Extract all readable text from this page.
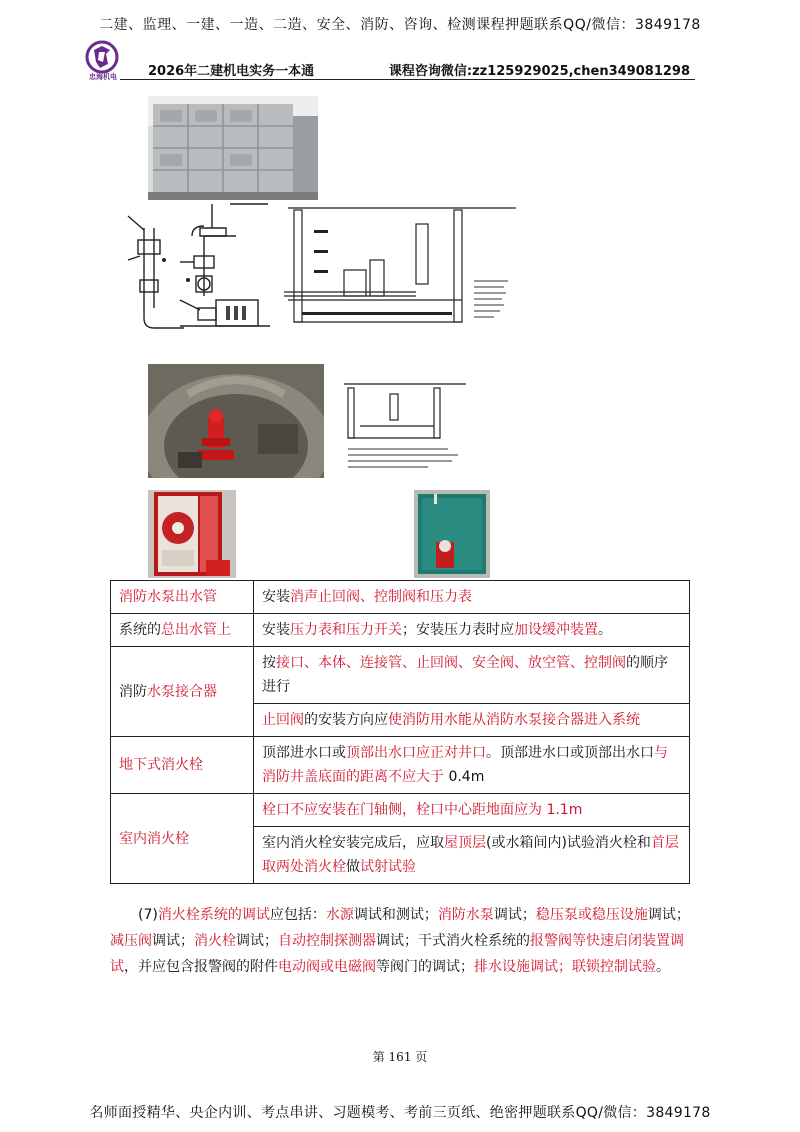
二建、监理、一建、一造、二造、安全、消防、咨询、检测课程押题联系QQ/微信：3849178
忠海机电	2026年二建机电实务一本通	课程咨询微信:zz125929025,chen349081298
消防水泵出水管	安装消声止回阀、控制阀和压力表
系统的总出水管上	安装压力表和压力开关；安装压力表时应加设缓冲装置。
消防水泵接合器	按接口、本体、连接管、止回阀、安全阀、放空管、控制阀的顺序进行
	止回阀的安装方向应使消防用水能从消防水泵接合器进入系统
地下式消火栓	顶部进水口或顶部出水口应正对井口。顶部进水口或顶部出水口与消防井盖底面的距离不应大于 0.4m
室内消火栓	栓口不应安装在门轴侧，栓口中心距地面应为 1.1m
	室内消火栓安装完成后，应取屋顶层(或水箱间内)试验消火栓和首层取两处消火栓做试射试验
(7)消火栓系统的调试应包括：水源调试和测试；消防水泵调试；稳压泵或稳压设施调试；减压阀调试；消火栓调试；自动控制探测器调试；干式消火栓系统的报警阀等快速启闭装置调试，并应包含报警阀的附件电动阀或电磁阀等阀门的调试；排水设施调试；联锁控制试验。
第 161 页
名师面授精华、央企内训、考点串讲、习题模考、考前三页纸、绝密押题联系QQ/微信：3849178
